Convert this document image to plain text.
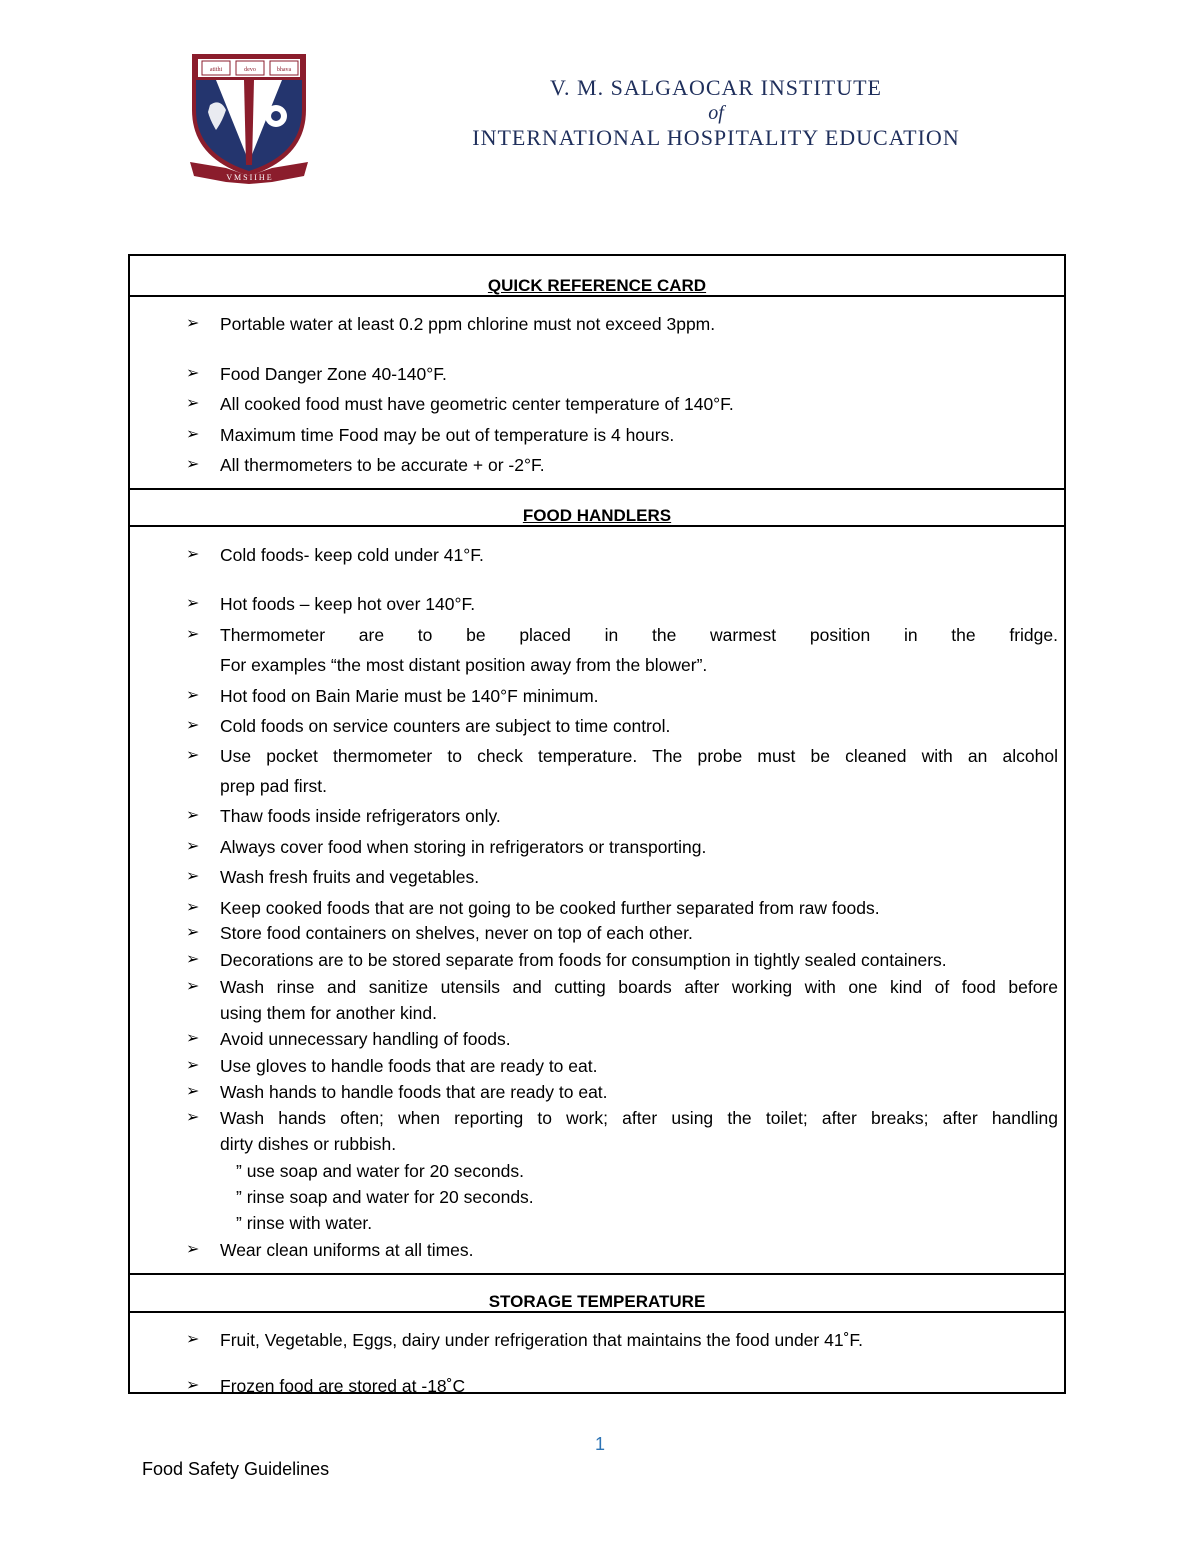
atithi	devo	bhava
V M S I I H E
V. M. SALGAOCAR INSTITUTE
of
INTERNATIONAL HOSPITALITY EDUCATION
QUICK REFERENCE CARD
➢	Portable water at least 0.2 ppm chlorine must not exceed 3ppm.
➢	Food Danger Zone 40-140°F.
➢	All cooked food must have geometric center temperature of 140°F.
➢	Maximum time Food may be out of temperature is 4 hours.
➢	All thermometers to be accurate + or -2°F.
FOOD HANDLERS
➢	Cold foods- keep cold under 41°F.
➢	Hot foods – keep hot over 140°F.
➢	Thermometer are to be placed in the warmest position in the fridge.
For examples “the most distant position away from the blower”.
➢	Hot food on Bain Marie must be 140°F minimum.
➢	Cold foods on service counters are subject to time control.
➢	Use pocket thermometer to check temperature. The probe must be cleaned with an alcohol
prep pad first.
➢	Thaw foods inside refrigerators only.
➢	Always cover food when storing in refrigerators or transporting.
➢	Wash fresh fruits and vegetables.
➢	Keep cooked foods that are not going to be cooked further separated from raw foods.
➢	Store food containers on shelves, never on top of each other.
➢	Decorations are to be stored separate from foods for consumption in tightly sealed containers.
➢	Wash rinse and sanitize utensils and cutting boards after working with one kind of food before
using them for another kind.
➢	Avoid unnecessary handling of foods.
➢	Use gloves to handle foods that are ready to eat.
➢	Wash hands to handle foods that are ready to eat.
➢	Wash hands often; when reporting to work; after using the toilet; after breaks; after handling
dirty dishes or rubbish.
” use soap and water for 20 seconds.
” rinse soap and water for 20 seconds.
” rinse with water.
➢	Wear clean uniforms at all times.
STORAGE TEMPERATURE
➢	Fruit, Vegetable, Eggs, dairy under refrigeration that maintains the food under 41˚F.
➢	Frozen food are stored at -18˚C
1
Food Safety Guidelines
